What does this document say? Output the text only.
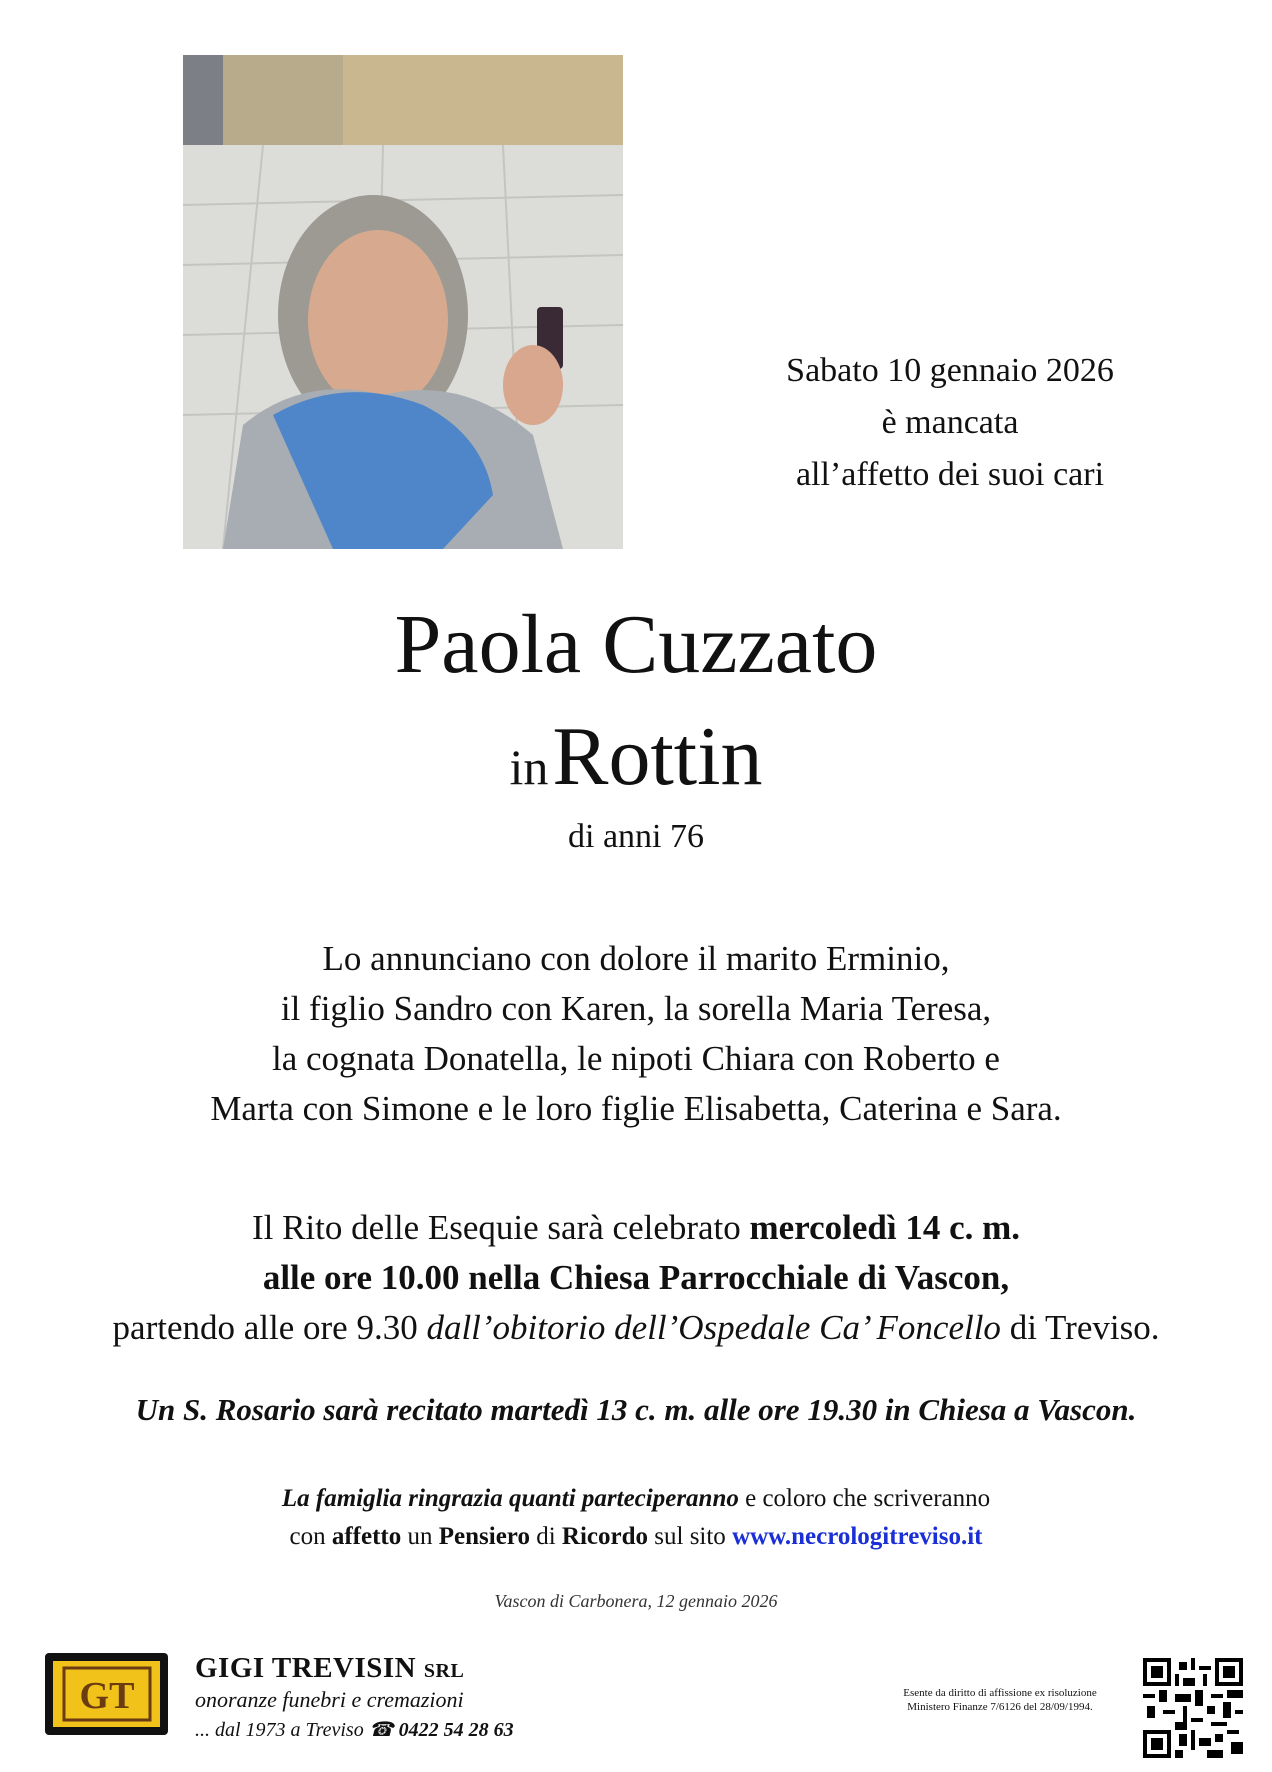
Sabato 10 gennaio 2026
è mancata
all’affetto dei suoi cari
Paola Cuzzato
in Rottin
di anni 76
Lo annunciano con dolore il marito Erminio,
il figlio Sandro con Karen, la sorella Maria Teresa,
la cognata Donatella, le nipoti Chiara con Roberto e
Marta con Simone e le loro figlie Elisabetta, Caterina e Sara.
Il Rito delle Esequie sarà celebrato mercoledì 14 c. m.
alle ore 10.00 nella Chiesa Parrocchiale di Vascon,
partendo alle ore 9.30 dall’obitorio dell’Ospedale Ca’ Foncello di Treviso.
Un S. Rosario sarà recitato martedì 13 c. m. alle ore 19.30 in Chiesa a Vascon.
La famiglia ringrazia quanti parteciperanno e coloro che scriveranno
con affetto un Pensiero di Ricordo sul sito www.necrologitreviso.it
Vascon di Carbonera, 12 gennaio 2026
GT
GIGI TREVISIN SRL
onoranze funebri e cremazioni
... dal 1973 a Treviso ☎ 0422 54 28 63
Esente da diritto di affissione ex risoluzione
Ministero Finanze 7/6126 del 28/09/1994.
